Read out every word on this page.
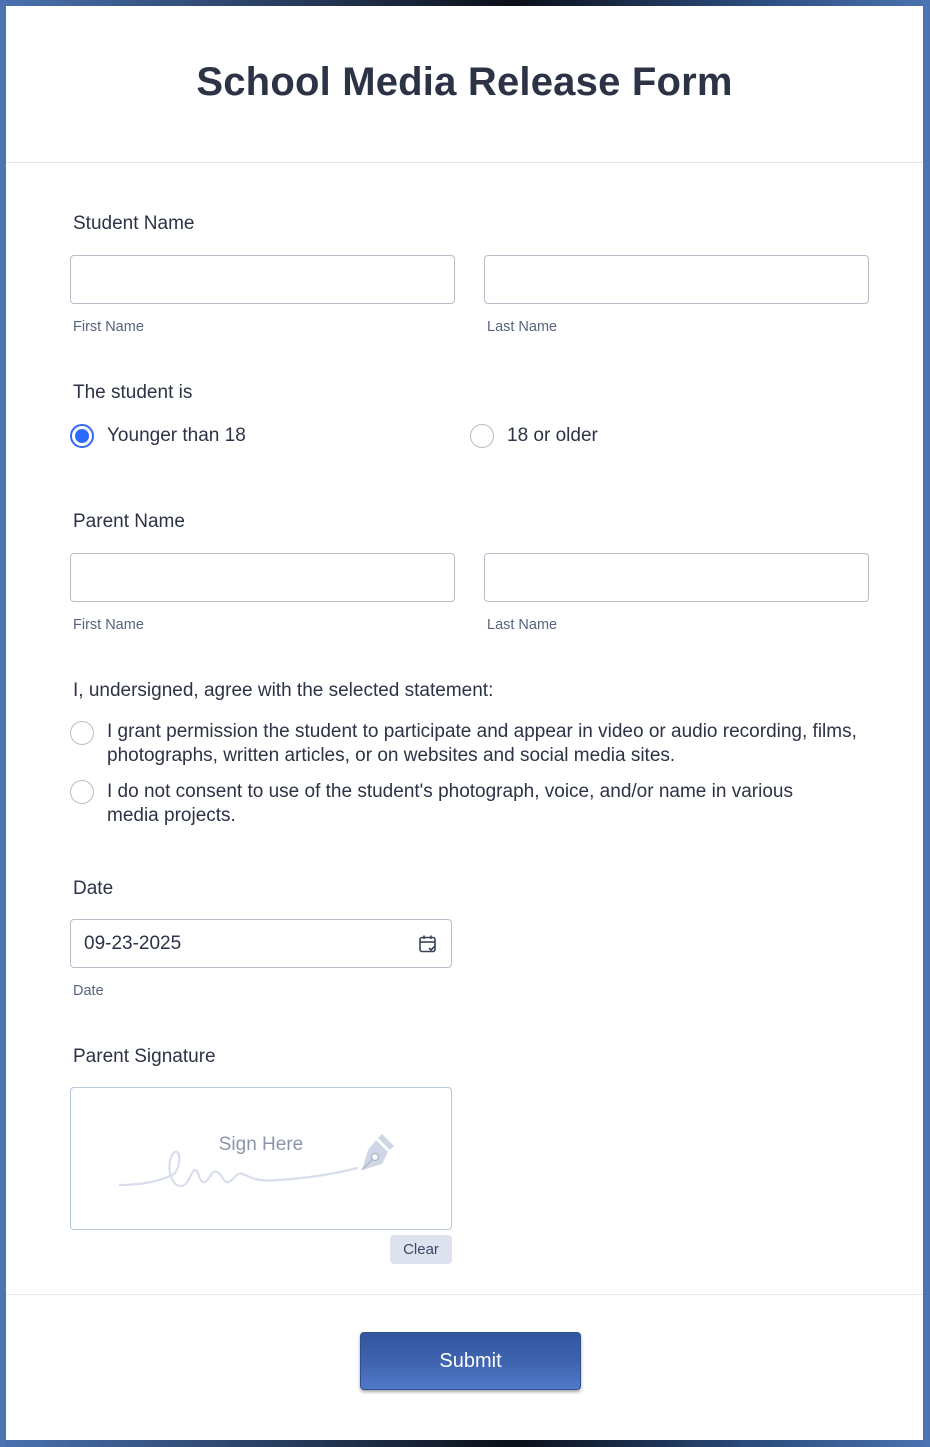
School Media Release Form
Student Name
First Name	Last Name
The student is
Younger than 18	18 or older
Parent Name
First Name	Last Name
I, undersigned, agree with the selected statement:
I grant permission the student to participate and appear in video or audio recording, films, photographs, written articles, or on websites and social media sites.
I do not consent to use of the student's photograph, voice, and/or name in various media projects.
Date
09-23-2025
Date
Parent Signature
Sign Here
Clear
Submit
